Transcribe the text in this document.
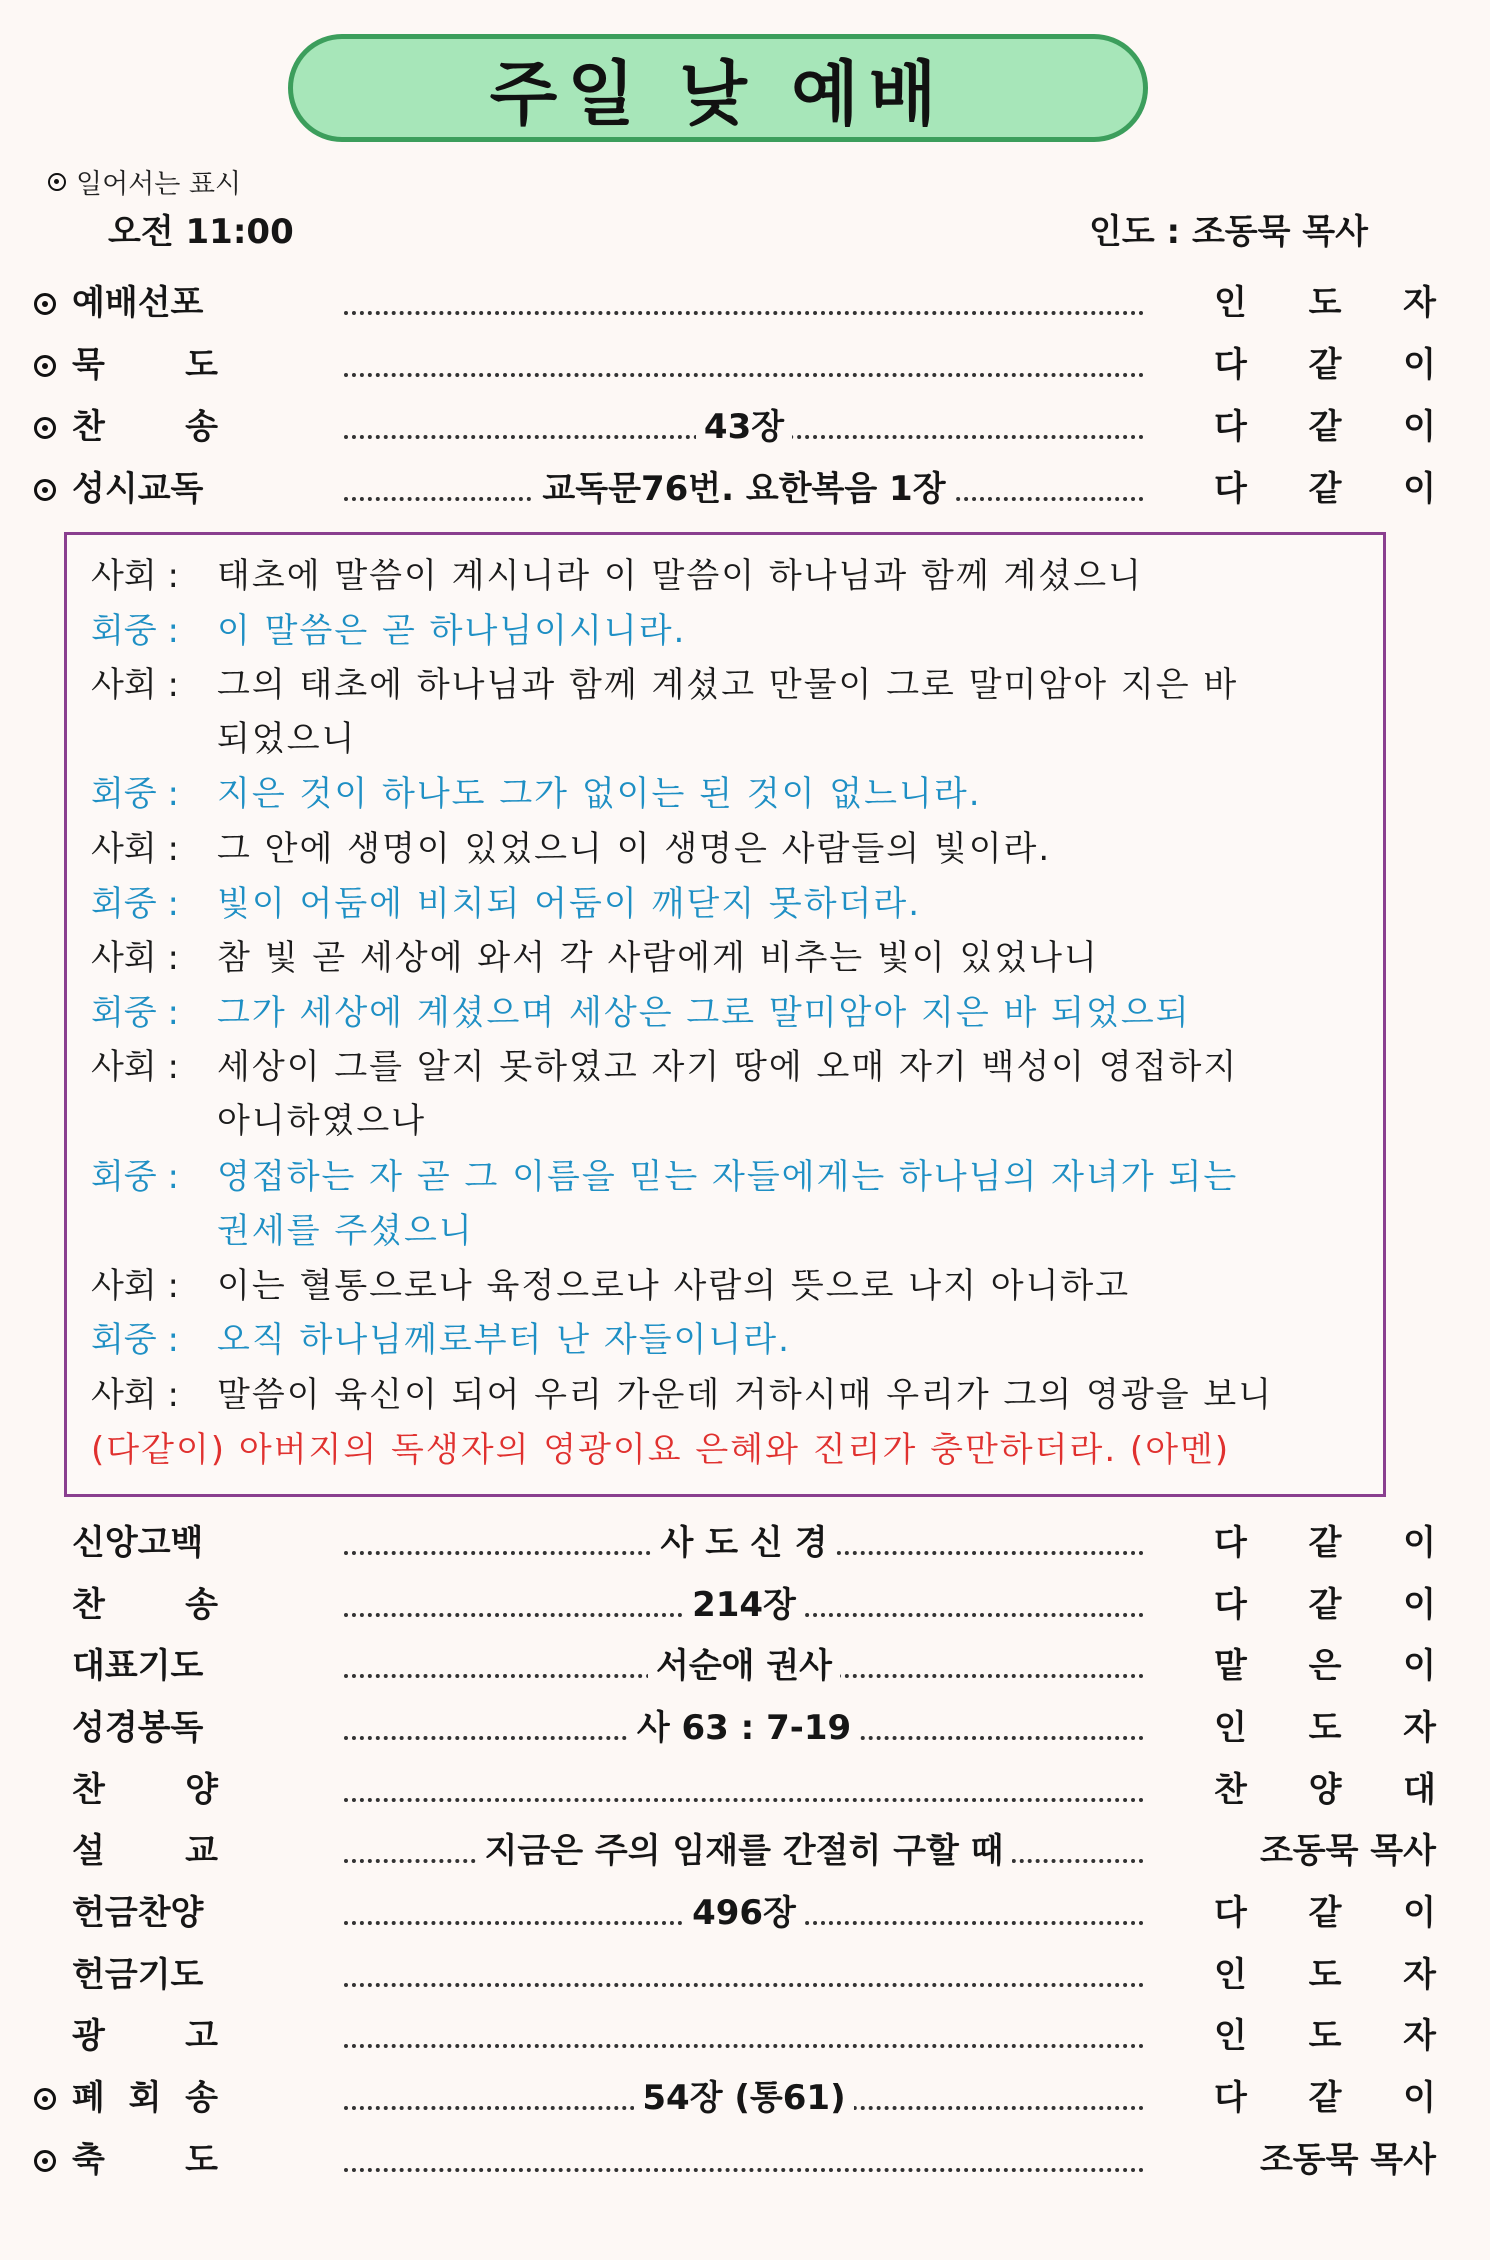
주일 낮 예배
일어서는 표시
오전 11:00	인도 : 조동묵 목사
예배선포	인 도 자
묵 도	다 같 이
찬 송	43장	다 같 이
성시교독	교독문76번. 요한복음 1장	다 같 이
사회 :	태초에 말씀이 계시니라 이 말씀이 하나님과 함께 계셨으니
회중 :	이 말씀은 곧 하나님이시니라.
사회 :	그의 태초에 하나님과 함께 계셨고 만물이 그로 말미암아 지은 바
되었으니
회중 :	지은 것이 하나도 그가 없이는 된 것이 없느니라.
사회 :	그 안에 생명이 있었으니 이 생명은 사람들의 빛이라.
회중 :	빛이 어둠에 비치되 어둠이 깨닫지 못하더라.
사회 :	참 빛 곧 세상에 와서 각 사람에게 비추는 빛이 있었나니
회중 :	그가 세상에 계셨으며 세상은 그로 말미암아 지은 바 되었으되
사회 :	세상이 그를 알지 못하였고 자기 땅에 오매 자기 백성이 영접하지
아니하였으나
회중 :	영접하는 자 곧 그 이름을 믿는 자들에게는 하나님의 자녀가 되는
권세를 주셨으니
사회 :	이는 혈통으로나 육정으로나 사람의 뜻으로 나지 아니하고
회중 :	오직 하나님께로부터 난 자들이니라.
사회 :	말씀이 육신이 되어 우리 가운데 거하시매 우리가 그의 영광을 보니
(다같이) 아버지의 독생자의 영광이요 은혜와 진리가 충만하더라. (아멘)
신앙고백	사 도 신 경	다 같 이
찬 송	214장	다 같 이
대표기도	서순애 권사	맡 은 이
성경봉독	사 63 : 7-19	인 도 자
찬 양	찬 양 대
설 교	지금은 주의 임재를 간절히 구할 때	조동묵 목사
헌금찬양	496장	다 같 이
헌금기도	인 도 자
광 고	인 도 자
폐 회 송	54장 (통61)	다 같 이
축 도	조동묵 목사
